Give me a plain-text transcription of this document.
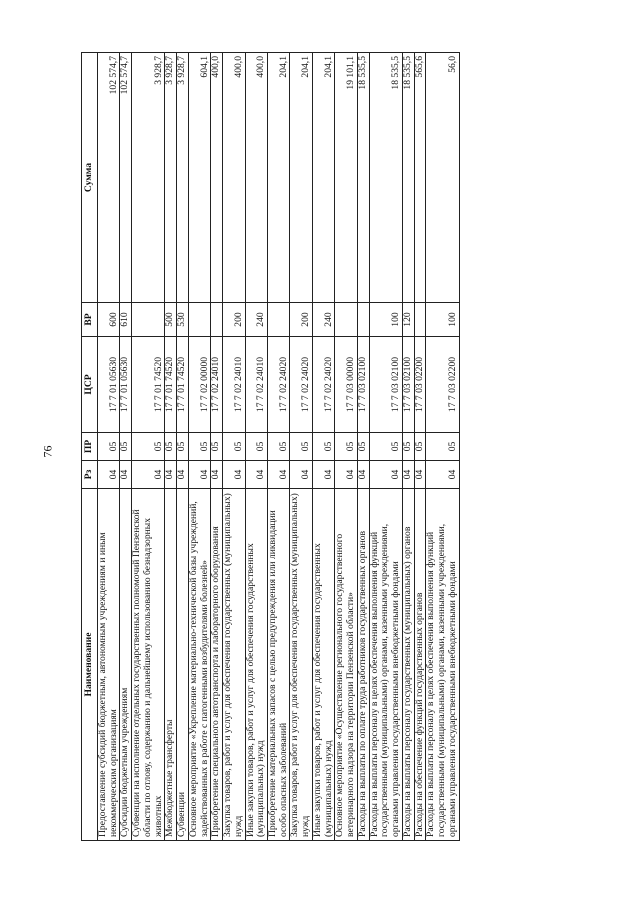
76
Наименование	Рз	ПР	ЦСР	ВР	Сумма
Предоставление субсидий бюджетным, автономным учреждениям и иным некоммерческим организациям	04	05	17 7 01 05630	600	102 574,7
Субсидии бюджетным учреждениям	04	05	17 7 01 05630	610	102 574,7
Субвенции на исполнение отдельных государственных полномочий Пензенской области по отлову, содержанию и дальнейшему использованию безнадзорных животных	04	05	17 7 01 74520		3 928,7
Межбюджетные трансферты	04	05	17 7 01 74520	500	3 928,7
Субвенции	04	05	17 7 01 74520	530	3 928,7
Основное мероприятие «Укрепление материально-технической базы учреждений, задействованных в работе с патогенными возбудителями болезней»	04	05	17 7 02 00000		604,1
Приобретение специального автотранспорта и лабораторного оборудования	04	05	17 7 02 24010		400,0
Закупка товаров, работ и услуг для обеспечения государственных (муниципальных) нужд	04	05	17 7 02 24010	200	400,0
Иные закупки товаров, работ и услуг для обеспечения государственных (муниципальных) нужд	04	05	17 7 02 24010	240	400,0
Приобретение материальных запасов с целью предупреждения или ликвидации особо опасных заболеваний	04	05	17 7 02 24020		204,1
Закупка товаров, работ и услуг для обеспечения государственных (муниципальных) нужд	04	05	17 7 02 24020	200	204,1
Иные закупки товаров, работ и услуг для обеспечения государственных (муниципальных) нужд	04	05	17 7 02 24020	240	204,1
Основное мероприятие «Осуществление регионального государственного ветеринарного надзора на территории Пензенской области»	04	05	17 7 03 00000		19 101,1
Расходы на выплаты по оплате труда работников государственных органов	04	05	17 7 03 02100		18 535,5
Расходы на выплаты персоналу в целях обеспечения выполнения функций государственными (муниципальными) органами, казенными учреждениями, органами управления государственными внебюджетными фондами	04	05	17 7 03 02100	100	18 535,5
Расходы на выплаты персоналу государственных (муниципальных) органов	04	05	17 7 03 02100	120	18 535,5
Расходы на обеспечение функций государственных органов	04	05	17 7 03 02200		565,6
Расходы на выплаты персоналу в целях обеспечения выполнения функций государственными (муниципальными) органами, казенными учреждениями, органами управления государственными внебюджетными фондами	04	05	17 7 03 02200	100	56,0
